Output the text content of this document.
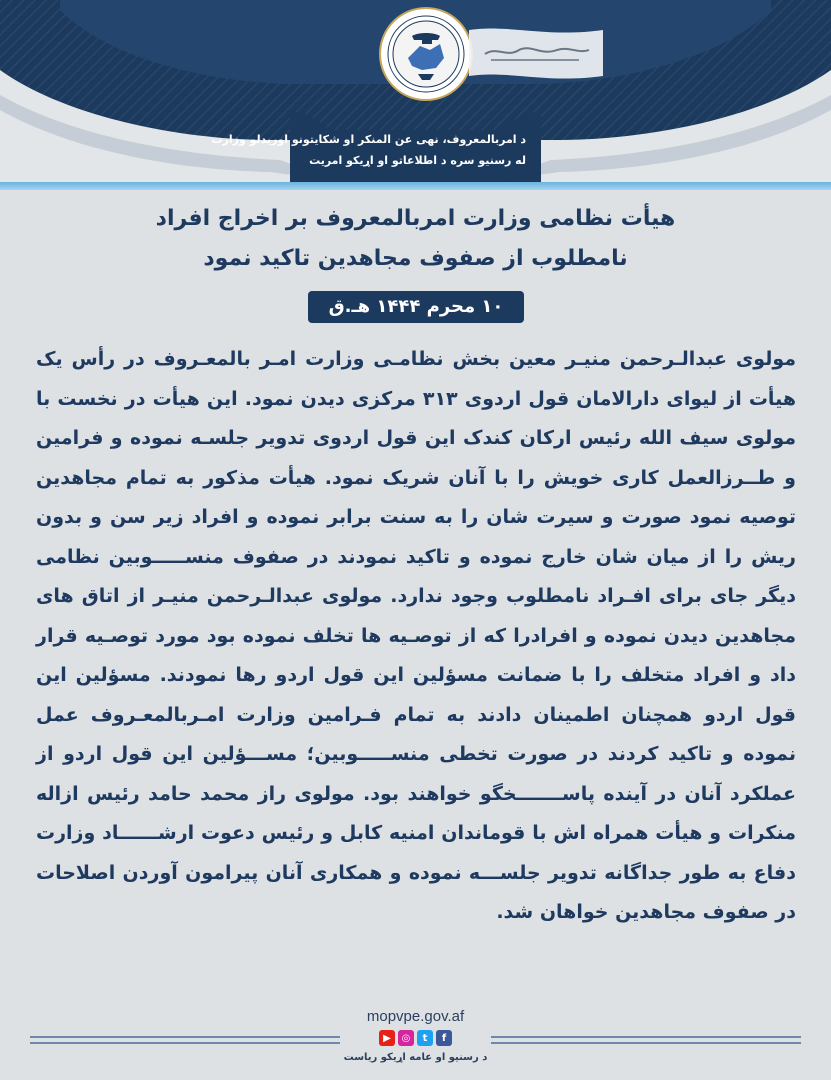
د امربالمعروف، نهی عن المنکر او شکایتونو اوریدلو وزارت
له رسنیو سره د اطلاعاتو او اړیکو امریت
هیأت نظامی وزارت امربالمعروف بر اخراج افراد
نامطلوب از صفوف مجاهدین تاکید نمود
۱۰ محرم ۱۴۴۴ هـ.ق
مولوی عبدالـرحمن منیـر معین بخش نظامـی وزارت امـر بالمعـروف در رأس یک هیأت از لیوای دارالامان قول اردوی ۳۱۳ مرکزی دیدن نمود. این هیأت در نخست با مولوی سیف الله رئیس ارکان کندک این قول اردوی تدویر جلسـه نموده و فرامین و طــرزالعمل کاری خویش را با آنان شریک نمود. هیأت مذکور به تمام مجاهدین توصیه نمود صورت و سیرت شان را به سنت برابر نموده و افراد زیر سن و بدون ریش را از میان شان خارج نموده و تاکید نمودند در صفوف منســـــوبین نظامی دیگر جای برای افـراد نامطلوب وجود ندارد. مولوی عبدالـرحمن منیـر از اتاق های مجاهدین دیدن نموده و افرادرا که از توصـیه ها تخلف نموده بود مورد توصـیه قرار داد و افراد متخلف را با ضمانت مسؤلین این قول اردو رها نمودند. مسؤلین این قول اردو همچنان اطمینان دادند به تمام فـرامین وزارت امـربالمعـروف عمل نموده و تاکید کردند در صورت تخطی منســـــوبین؛ مســـؤلین این قول اردو از عملکرد آنان در آینده پاســـــــخگو خواهند بود. مولوی راز محمد حامد رئیس ازاله منکرات و هیأت همراه اش با قوماندان امنیه کابل و رئیس دعوت ارشــــــاد وزارت دفاع به طور جداگانه تدویر جلســـه نموده و همکاری آنان پیرامون آوردن اصلاحات در صفوف مجاهدین خواهان شد.
mopvpe.gov.af
▶	◎	t	f
د رسنیو او عامه اړیکو ریاست
